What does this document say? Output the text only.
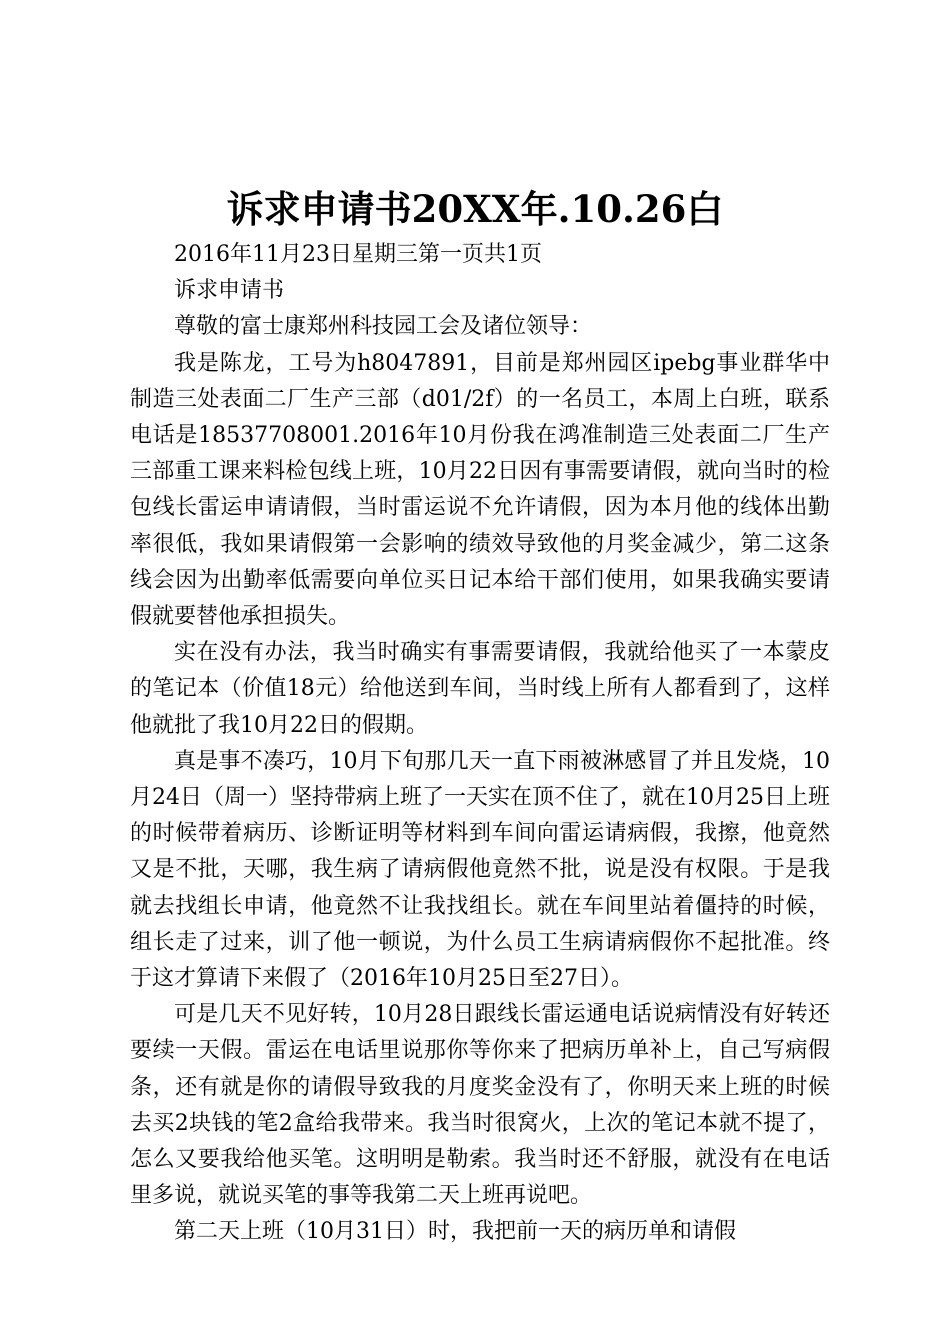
诉求申请书20XX年.10.26白

2016年11月23日星期三第一页共1页

诉求申请书

尊敬的富士康郑州科技园工会及诸位领导：

我是陈龙，工号为h8047891，目前是郑州园区ipebg事业群华中制造三处表面二厂生产三部（d01/2f）的一名员工，本周上白班，联系电话是18537708001.2016年10月份我在鸿准制造三处表面二厂生产三部重工课来料检包线上班，10月22日因有事需要请假，就向当时的检包线长雷运申请请假，当时雷运说不允许请假，因为本月他的线体出勤率很低，我如果请假第一会影响的绩效导致他的月奖金减少，第二这条线会因为出勤率低需要向单位买日记本给干部们使用，如果我确实要请假就要替他承担损失。

实在没有办法，我当时确实有事需要请假，我就给他买了一本蒙皮的笔记本（价值18元）给他送到车间，当时线上所有人都看到了，这样他就批了我10月22日的假期。

真是事不凑巧，10月下旬那几天一直下雨被淋感冒了并且发烧，10月24日（周一）坚持带病上班了一天实在顶不住了，就在10月25日上班的时候带着病历、诊断证明等材料到车间向雷运请病假，我擦，他竟然又是不批，天哪，我生病了请病假他竟然不批，说是没有权限。于是我就去找组长申请，他竟然不让我找组长。就在车间里站着僵持的时候，组长走了过来，训了他一顿说，为什么员工生病请病假你不起批准。终于这才算请下来假了（2016年10月25日至27日）。

可是几天不见好转，10月28日跟线长雷运通电话说病情没有好转还要续一天假。雷运在电话里说那你等你来了把病历单补上，自己写病假条，还有就是你的请假导致我的月度奖金没有了，你明天来上班的时候去买2块钱的笔2盒给我带来。我当时很窝火，上次的笔记本就不提了，怎么又要我给他买笔。这明明是勒索。我当时还不舒服，就没有在电话里多说，就说买笔的事等我第二天上班再说吧。

第二天上班（10月31日）时，我把前一天的病历单和请假
